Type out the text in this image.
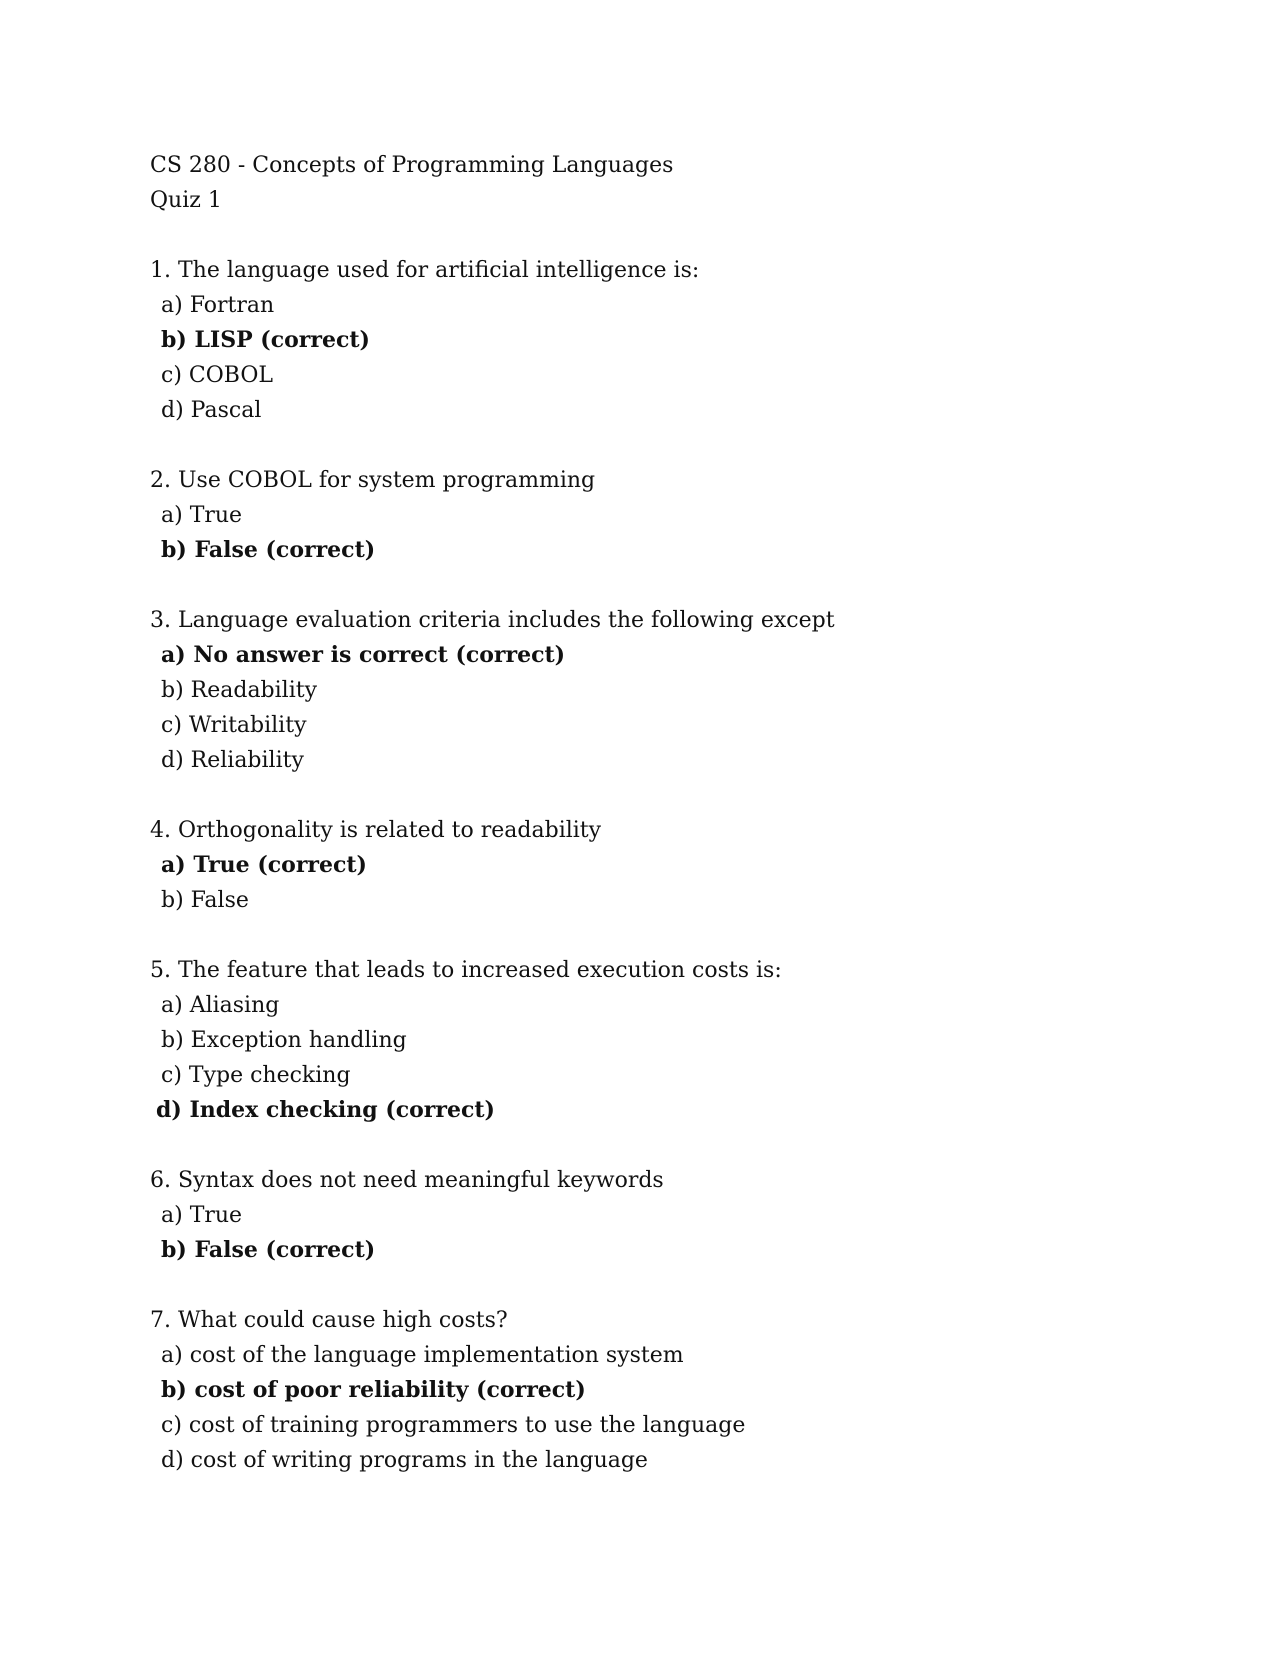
CS 280 - Concepts of Programming Languages
Quiz 1
1. The language used for artificial intelligence is:
a) Fortran
b) LISP (correct)
c) COBOL
d) Pascal
2. Use COBOL for system programming
a) True
b) False (correct)
3. Language evaluation criteria includes the following except
a) No answer is correct (correct)
b) Readability
c) Writability
d) Reliability
4. Orthogonality is related to readability
a) True (correct)
b) False
5. The feature that leads to increased execution costs is:
a) Aliasing
b) Exception handling
c) Type checking
d) Index checking (correct)
6. Syntax does not need meaningful keywords
a) True
b) False (correct)
7. What could cause high costs?
a) cost of the language implementation system
b) cost of poor reliability (correct)
c) cost of training programmers to use the language
d) cost of writing programs in the language
